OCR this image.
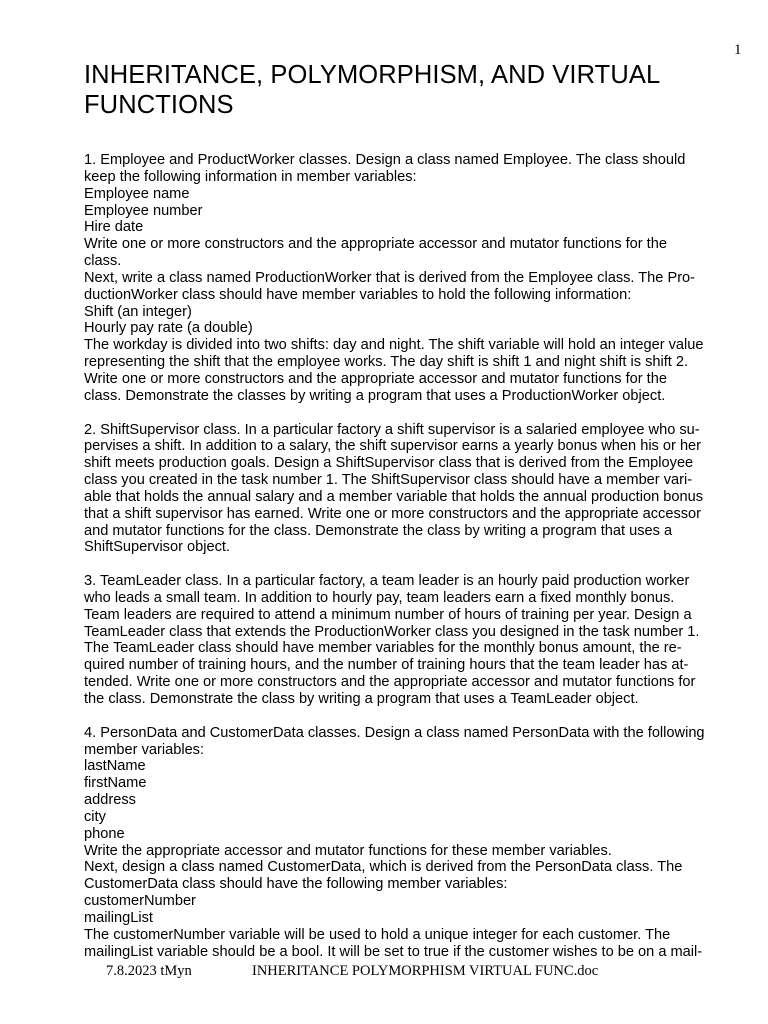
1
INHERITANCE, POLYMORPHISM, AND VIRTUAL
FUNCTIONS
1. Employee and ProductWorker classes. Design a class named Employee. The class should
keep the following information in member variables:
Employee name
Employee number
Hire date
Write one or more constructors and the appropriate accessor and mutator functions for the
class.
Next, write a class named ProductionWorker that is derived from the Employee class. The Pro-
ductionWorker class should have member variables to hold the following information:
Shift (an integer)
Hourly pay rate (a double)
The workday is divided into two shifts: day and night. The shift variable will hold an integer value
representing the shift that the employee works. The day shift is shift 1 and night shift is shift 2.
Write one or more constructors and the appropriate accessor and mutator functions for the
class. Demonstrate the classes by writing a program that uses a ProductionWorker object.
2. ShiftSupervisor class. In a particular factory a shift supervisor is a salaried employee who su-
pervises a shift. In addition to a salary, the shift supervisor earns a yearly bonus when his or her
shift meets production goals. Design a ShiftSupervisor class that is derived from the Employee
class you created in the task number 1. The ShiftSupervisor class should have a member vari-
able that holds the annual salary and a member variable that holds the annual production bonus
that a shift supervisor has earned. Write one or more constructors and the appropriate accessor
and mutator functions for the class. Demonstrate the class by writing a program that uses a
ShiftSupervisor object.
3. TeamLeader class. In a particular factory, a team leader is an hourly paid production worker
who leads a small team. In addition to hourly pay, team leaders earn a fixed monthly bonus.
Team leaders are required to attend a minimum number of hours of training per year. Design a
TeamLeader class that extends the ProductionWorker class you designed in the task number 1.
The TeamLeader class should have member variables for the monthly bonus amount, the re-
quired number of training hours, and the number of training hours that the team leader has at-
tended. Write one or more constructors and the appropriate accessor and mutator functions for
the class. Demonstrate the class by writing a program that uses a TeamLeader object.
4. PersonData and CustomerData classes. Design a class named PersonData with the following
member variables:
lastName
firstName
address
city
phone
Write the appropriate accessor and mutator functions for these member variables.
Next, design a class named CustomerData, which is derived from the PersonData class. The
CustomerData class should have the following member variables:
customerNumber
mailingList
The customerNumber variable will be used to hold a unique integer for each customer. The
mailingList variable should be a bool. It will be set to true if the customer wishes to be on a mail-
7.8.2023 tMyn	INHERITANCE POLYMORPHISM VIRTUAL FUNC.doc
